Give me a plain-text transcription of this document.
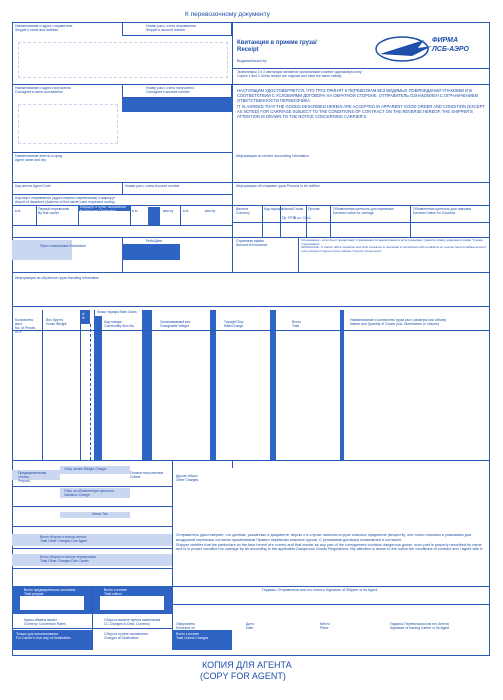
К перевозочному документу
Наименование и адрес отправителя
Shipper's name and address
Номер расч. счета отправителя
Shipper's account number
Квитанция в приеме груза/
Receipt
Выдана/Issued by
ФИРМА
ЛСБ-АЭРО
Экземпляры 1 и 2 квитанции являются оригиналами и имеют одинаковую силу.
Copies 1 and 2 of this receipt are originals and have the same validity
Наименование и адрес получателя
Consignee's name and address
Номер расч. счета получателя
Consignee's account number	НАСТОЯЩИМ УДОСТОВЕРЯЕТСЯ, ЧТО ГРУЗ ПРИНЯТ К ПЕРЕВОЗКАМ БЕЗ ВИДИМЫХ ПОВРЕЖДЕНИЙ УПАКОВКИ И В СООТВЕТСТВИИ С УСЛОВИЯМИ ДОГОВОРА НА ОБРАТНОЙ СТОРОНЕ. ОТПРАВИТЕЛЬ ОЗНАКОМЛЕН С ОГРАНИЧЕНИЕМ ОТВЕТСТВЕННОСТИ ПЕРЕВОЗЧИКА.
IT IS AGREED THAT THE GOODS DESCRIBED HEREIN ARE ACCEPTED IN APPARENT GOOD ORDER AND CONDITION (EXCEPT AS NOTED) FOR CARRIAGE SUBJECT TO THE CONDITIONS OF CONTRACT ON THE REVERSE HEREOF. THE SHIPPER'S ATTENTION IS DRAWN TO THE NOTICE CONCERNING CARRIER'S.
Наименование агента и город
Agent name and city
Информация по оплате Accounting Information
Код агента Agent Code	Номер расч. счета Account number	Информация об отправке груза Persons to be notified
Аэропорт отправления (адрес первого перевозчика) и маршрут
Airport of departure (Address of first carrier) and requested routing
в to	Первый перевозчик
By first carrier
Маршрут и пункт назначения
Routing and Destination	в to	кем by	в to	кем by	Валюта Currency
Код тарифа Масса/Стоим.
Пр. PPD
В кл. COLL
Прочие	Объявленная ценность для перевозки
Declared value for carriage
Объявленная ценность для таможни
Declared Value for Customs
Пункт назначения Destination
Рейс/Дата	Страховая сумма
Amount of Insurance
Страхование - если Агент предоставит страхование по аналогичным и если указывают, укажите сумму, цифрами в графе "Сумма страхования".
INSURANCE - If Carrier offers insurance and such insurance is requested in accordance with conditions on reverse hereof indicate amount to be insured in figures in box marked "Amount of Insurance".
Информация по обработке груза Handling Information
Количество мест
No. of Pieces RCP
Вес брутто
Gross Weight
кг
lb
Класс тарифа Rate Class
Код товара
Commodity Item No.
Оплачиваемый вес
Chargeable Weight
Тариф/Сбор
Rate/Charge
Всего
Total
Наименование и количество груза (вкл. размеры или объем)
Nature and Quantity of Goods (incl. Dimensions or Volume)
Предварительная оплата
Prepaid
Сбор за вес Weight Charge
Оплата получателем
Collect	Другие сборы
Other Charges
Сбор за объявленную ценность
Valuation Charge
Налог Tax
Всего сборов в пользу агента
Total Other Charges Due Agent
Всего сборов в пользу перевозчика
Total Other Charges Due Carrier
Всего предварительно оплачено
Total prepaid
Всего к оплате
Total collect
Курсы обмена валют
Currency Conversion Rates
Сборы в валюте пункта назначения
CC Charges in Dest. Currency
Только для использования
For Carrier's Use only at Destination
Сборы в пункте назначения
Charges at Destination
Всего к оплате
Total Collect Charges
Отправитель удостоверяет, что данные, указанные в документе, верны и в случае наличия в грузе опасных предметов (веществ), они точно описаны и упакованы для воздушной перевозки согласно применимым Правил перевозки опасных грузов. С условиями договора ознакомлен и согласен.
Shipper certifies that the particulars on the face hereof are correct and that insofar as any part of the consignment contains dangerous goods, such part is properly described by name and is in proper condition for carriage by air according to the applicable Dangerous Goods Regulations. My attention is drawn to the notice the conditions of contract and I agree with it.
Подпись Отправителя или его Агента Signature of Shipper or its Agent
Оформлено
Executed on
Дата
Date
Место
Place
Подпись Перевозчика или его Агента
Signature of Issuing Carrier or its Agent
КОПИЯ ДЛЯ АГЕНТА
(COPY FOR AGENT)
